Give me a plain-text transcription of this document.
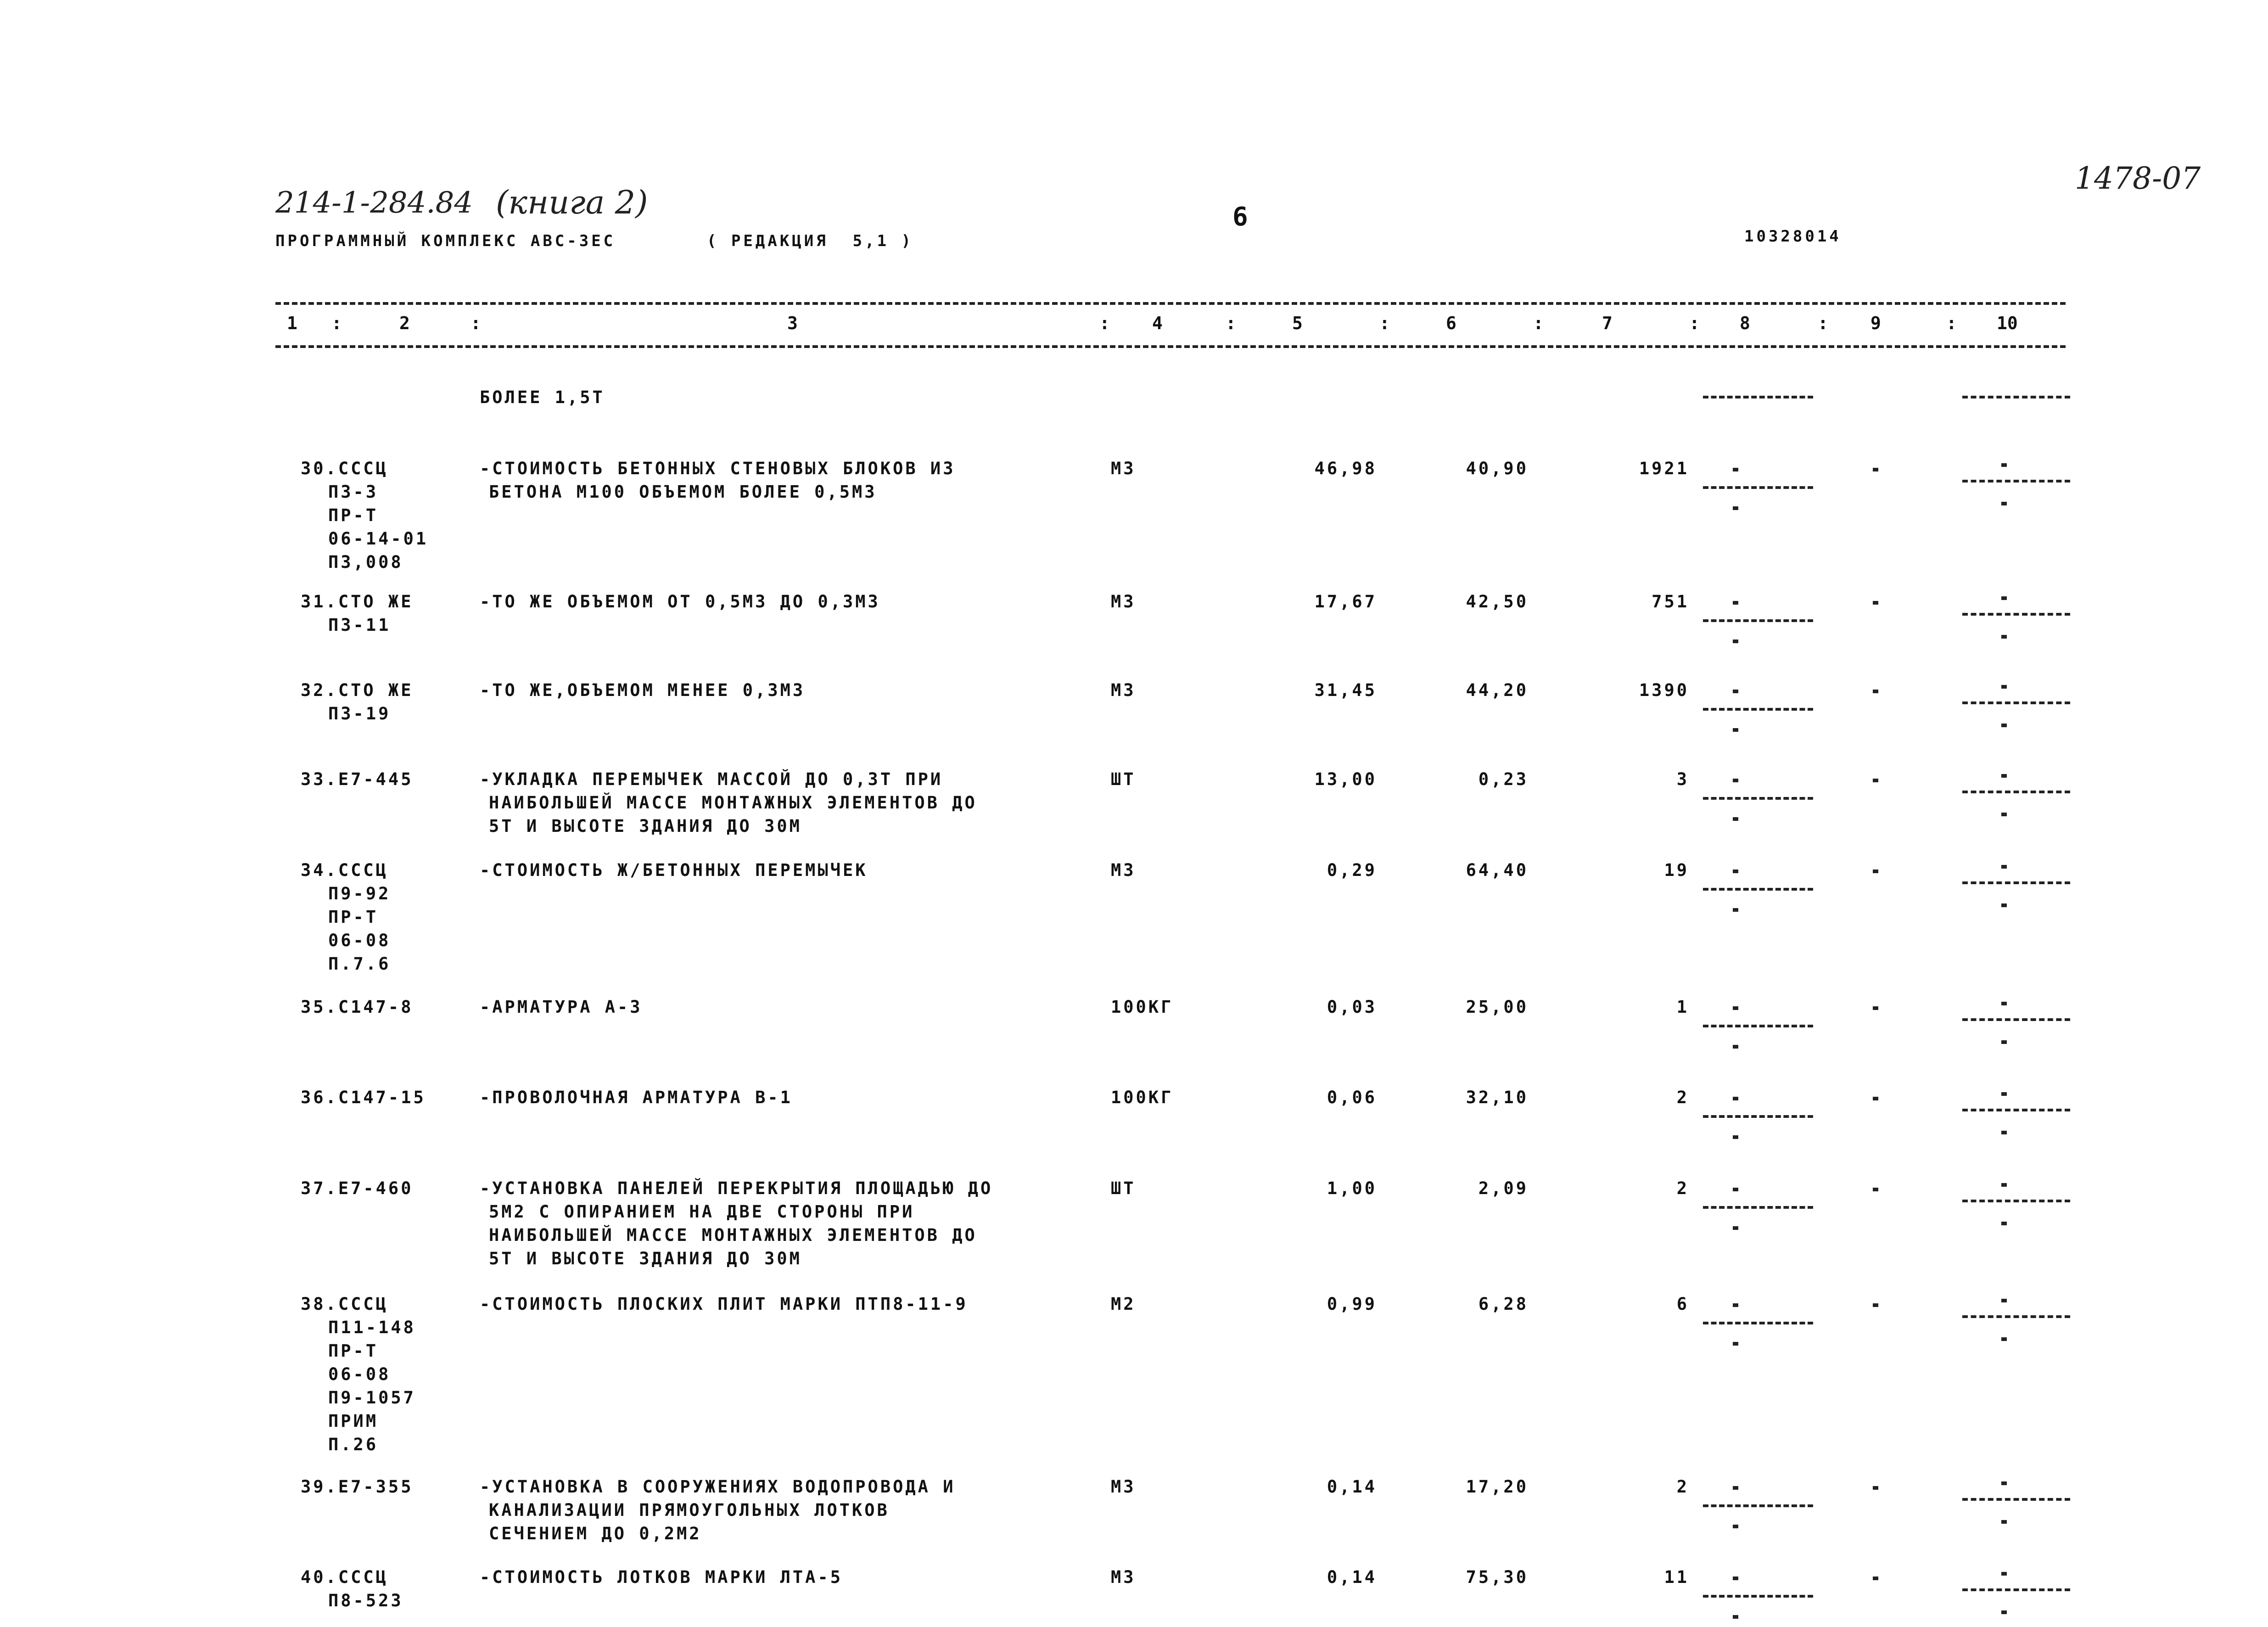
214-1-284.84 (книга 2)
1478-07
ПРОГРАММНЫЙ КОМПЛЕКС АВС-3ЕС	( РЕДАКЦИЯ  5,1 )
6
10328014
1 :	2	:	3	: 4	:	5	:	6	:	7	: 8	: 9	: 10
БОЛЕЕ 1,5Т
30.СССЦ
П3-3
ПР-Т
06-14-01
П3,008
-СТОИМОСТЬ БЕТОННЫХ СТЕНОВЫХ БЛОКОВ ИЗ
БЕТОНА М100 ОБЪЕМОМ БОЛЕЕ 0,5М3
М3	46,98	40,90	1921
31.СТО ЖЕ
П3-11
-ТО ЖЕ ОБЪЕМОМ ОТ 0,5М3 ДО 0,3М3	М3	17,67	42,50	751
32.СТО ЖЕ
П3-19
-ТО ЖЕ,ОБЪЕМОМ МЕНЕЕ 0,3М3	М3	31,45	44,20	1390
33.Е7-445	-УКЛАДКА ПЕРЕМЫЧЕК МАССОЙ ДО 0,3Т ПРИ
НАИБОЛЬШЕЙ МАССЕ МОНТАЖНЫХ ЭЛЕМЕНТОВ ДО
5Т И ВЫСОТЕ ЗДАНИЯ ДО 30М
ШТ	13,00	0,23	3
34.СССЦ
П9-92
ПР-Т
06-08
П.7.6
-СТОИМОСТЬ Ж/БЕТОННЫХ ПЕРЕМЫЧЕК	М3	0,29	64,40	19
35.С147-8	-АРМАТУРА А-3	100КГ	0,03	25,00	1
36.С147-15	-ПРОВОЛОЧНАЯ АРМАТУРА В-1	100КГ	0,06	32,10	2
37.Е7-460	-УСТАНОВКА ПАНЕЛЕЙ ПЕРЕКРЫТИЯ ПЛОЩАДЬЮ ДО
5М2 С ОПИРАНИЕМ НА ДВЕ СТОРОНЫ ПРИ
НАИБОЛЬШЕЙ МАССЕ МОНТАЖНЫХ ЭЛЕМЕНТОВ ДО
5Т И ВЫСОТЕ ЗДАНИЯ ДО 30М
ШТ	1,00	2,09	2
38.СССЦ
П11-148
ПР-Т
06-08
П9-1057
ПРИМ
П.26
-СТОИМОСТЬ ПЛОСКИХ ПЛИТ МАРКИ ПТП8-11-9	М2	0,99	6,28	6
39.Е7-355	-УСТАНОВКА В СООРУЖЕНИЯХ ВОДОПРОВОДА И
КАНАЛИЗАЦИИ ПРЯМОУГОЛЬНЫХ ЛОТКОВ
СЕЧЕНИЕМ ДО 0,2М2
М3	0,14	17,20	2
40.СССЦ
П8-523
-СТОИМОСТЬ ЛОТКОВ МАРКИ ЛТА-5	М3	0,14	75,30	11
